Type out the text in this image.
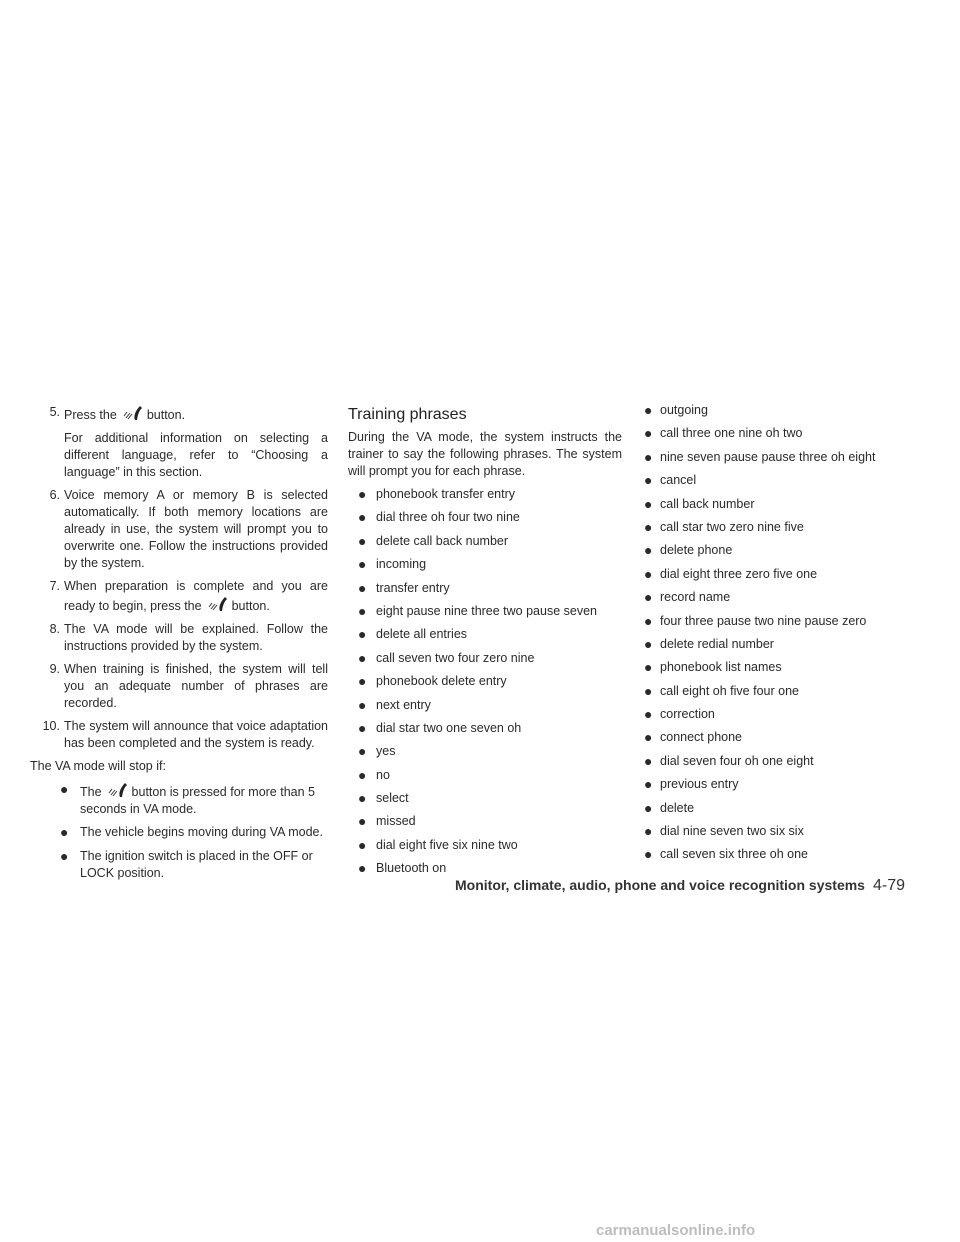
5. Press the button.
For additional information on selecting a different language, refer to “Choosing a language” in this section.
6. Voice memory A or memory B is selected automatically. If both memory locations are already in use, the system will prompt you to overwrite one. Follow the instructions provided by the system.
7. When preparation is complete and you are ready to begin, press the button.
8. The VA mode will be explained. Follow the instructions provided by the system.
9. When training is finished, the system will tell you an adequate number of phrases are recorded.
10. The system will announce that voice adaptation has been completed and the system is ready.
The VA mode will stop if:
● The button is pressed for more than 5 seconds in VA mode.
● The vehicle begins moving during VA mode.
● The ignition switch is placed in the OFF or LOCK position.
Training phrases
During the VA mode, the system instructs the trainer to say the following phrases. The system will prompt you for each phrase.
● phonebook transfer entry
● dial three oh four two nine
● delete call back number
● incoming
● transfer entry
● eight pause nine three two pause seven
● delete all entries
● call seven two four zero nine
● phonebook delete entry
● next entry
● dial star two one seven oh
● yes
● no
● select
● missed
● dial eight five six nine two
● Bluetooth on
● outgoing
● call three one nine oh two
● nine seven pause pause three oh eight
● cancel
● call back number
● call star two zero nine five
● delete phone
● dial eight three zero five one
● record name
● four three pause two nine pause zero
● delete redial number
● phonebook list names
● call eight oh five four one
● correction
● connect phone
● dial seven four oh one eight
● previous entry
● delete
● dial nine seven two six six
● call seven six three oh one
Monitor, climate, audio, phone and voice recognition systems 4-79
carmanualsonline.info
